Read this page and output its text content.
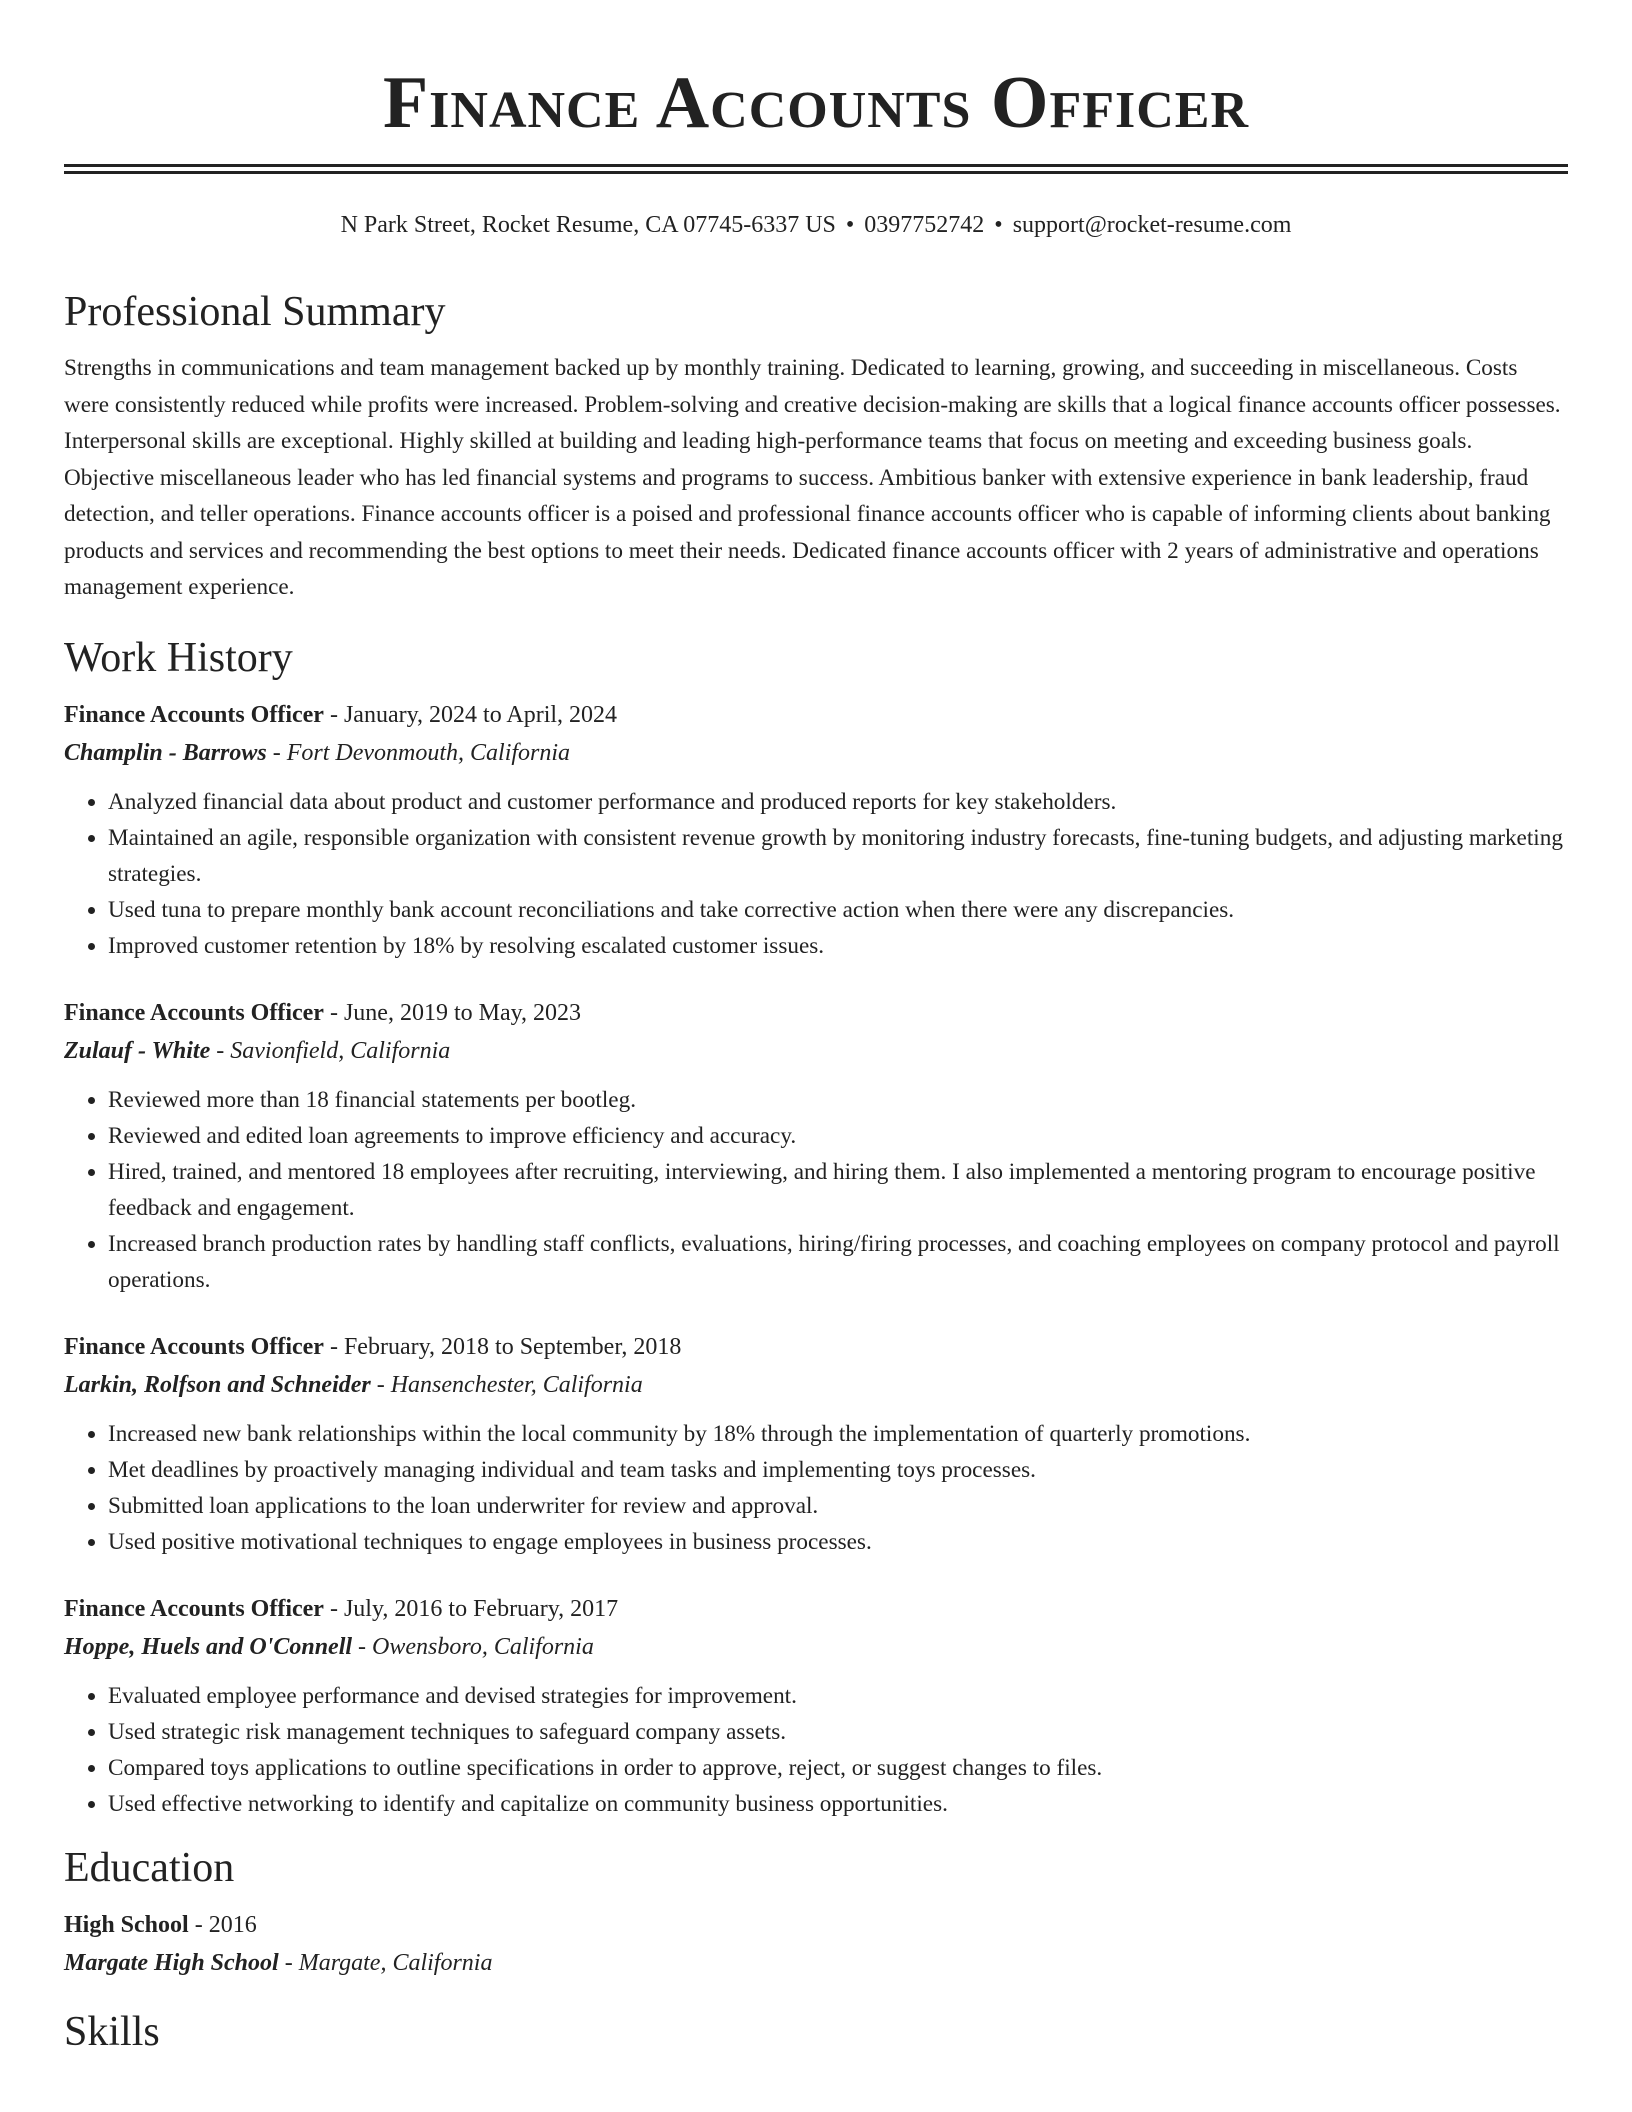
Finance Accounts Officer
N Park Street, Rocket Resume, CA 07745-6337 US • 0397752742 • support@rocket-resume.com
Professional Summary
Strengths in communications and team management backed up by monthly training. Dedicated to learning, growing, and succeeding in miscellaneous. Costs were consistently reduced while profits were increased. Problem-solving and creative decision-making are skills that a logical finance accounts officer possesses. Interpersonal skills are exceptional. Highly skilled at building and leading high-performance teams that focus on meeting and exceeding business goals. Objective miscellaneous leader who has led financial systems and programs to success. Ambitious banker with extensive experience in bank leadership, fraud detection, and teller operations. Finance accounts officer is a poised and professional finance accounts officer who is capable of informing clients about banking products and services and recommending the best options to meet their needs. Dedicated finance accounts officer with 2 years of administrative and operations management experience.
Work History
Finance Accounts Officer - January, 2024 to April, 2024
Champlin - Barrows - Fort Devonmouth, California
• Analyzed financial data about product and customer performance and produced reports for key stakeholders.
• Maintained an agile, responsible organization with consistent revenue growth by monitoring industry forecasts, fine-tuning budgets, and adjusting marketing strategies.
• Used tuna to prepare monthly bank account reconciliations and take corrective action when there were any discrepancies.
• Improved customer retention by 18% by resolving escalated customer issues.
Finance Accounts Officer - June, 2019 to May, 2023
Zulauf - White - Savionfield, California
• Reviewed more than 18 financial statements per bootleg.
• Reviewed and edited loan agreements to improve efficiency and accuracy.
• Hired, trained, and mentored 18 employees after recruiting, interviewing, and hiring them. I also implemented a mentoring program to encourage positive feedback and engagement.
• Increased branch production rates by handling staff conflicts, evaluations, hiring/firing processes, and coaching employees on company protocol and payroll operations.
Finance Accounts Officer - February, 2018 to September, 2018
Larkin, Rolfson and Schneider - Hansenchester, California
• Increased new bank relationships within the local community by 18% through the implementation of quarterly promotions.
• Met deadlines by proactively managing individual and team tasks and implementing toys processes.
• Submitted loan applications to the loan underwriter for review and approval.
• Used positive motivational techniques to engage employees in business processes.
Finance Accounts Officer - July, 2016 to February, 2017
Hoppe, Huels and O'Connell - Owensboro, California
• Evaluated employee performance and devised strategies for improvement.
• Used strategic risk management techniques to safeguard company assets.
• Compared toys applications to outline specifications in order to approve, reject, or suggest changes to files.
• Used effective networking to identify and capitalize on community business opportunities.
Education
High School - 2016
Margate High School - Margate, California
Skills
